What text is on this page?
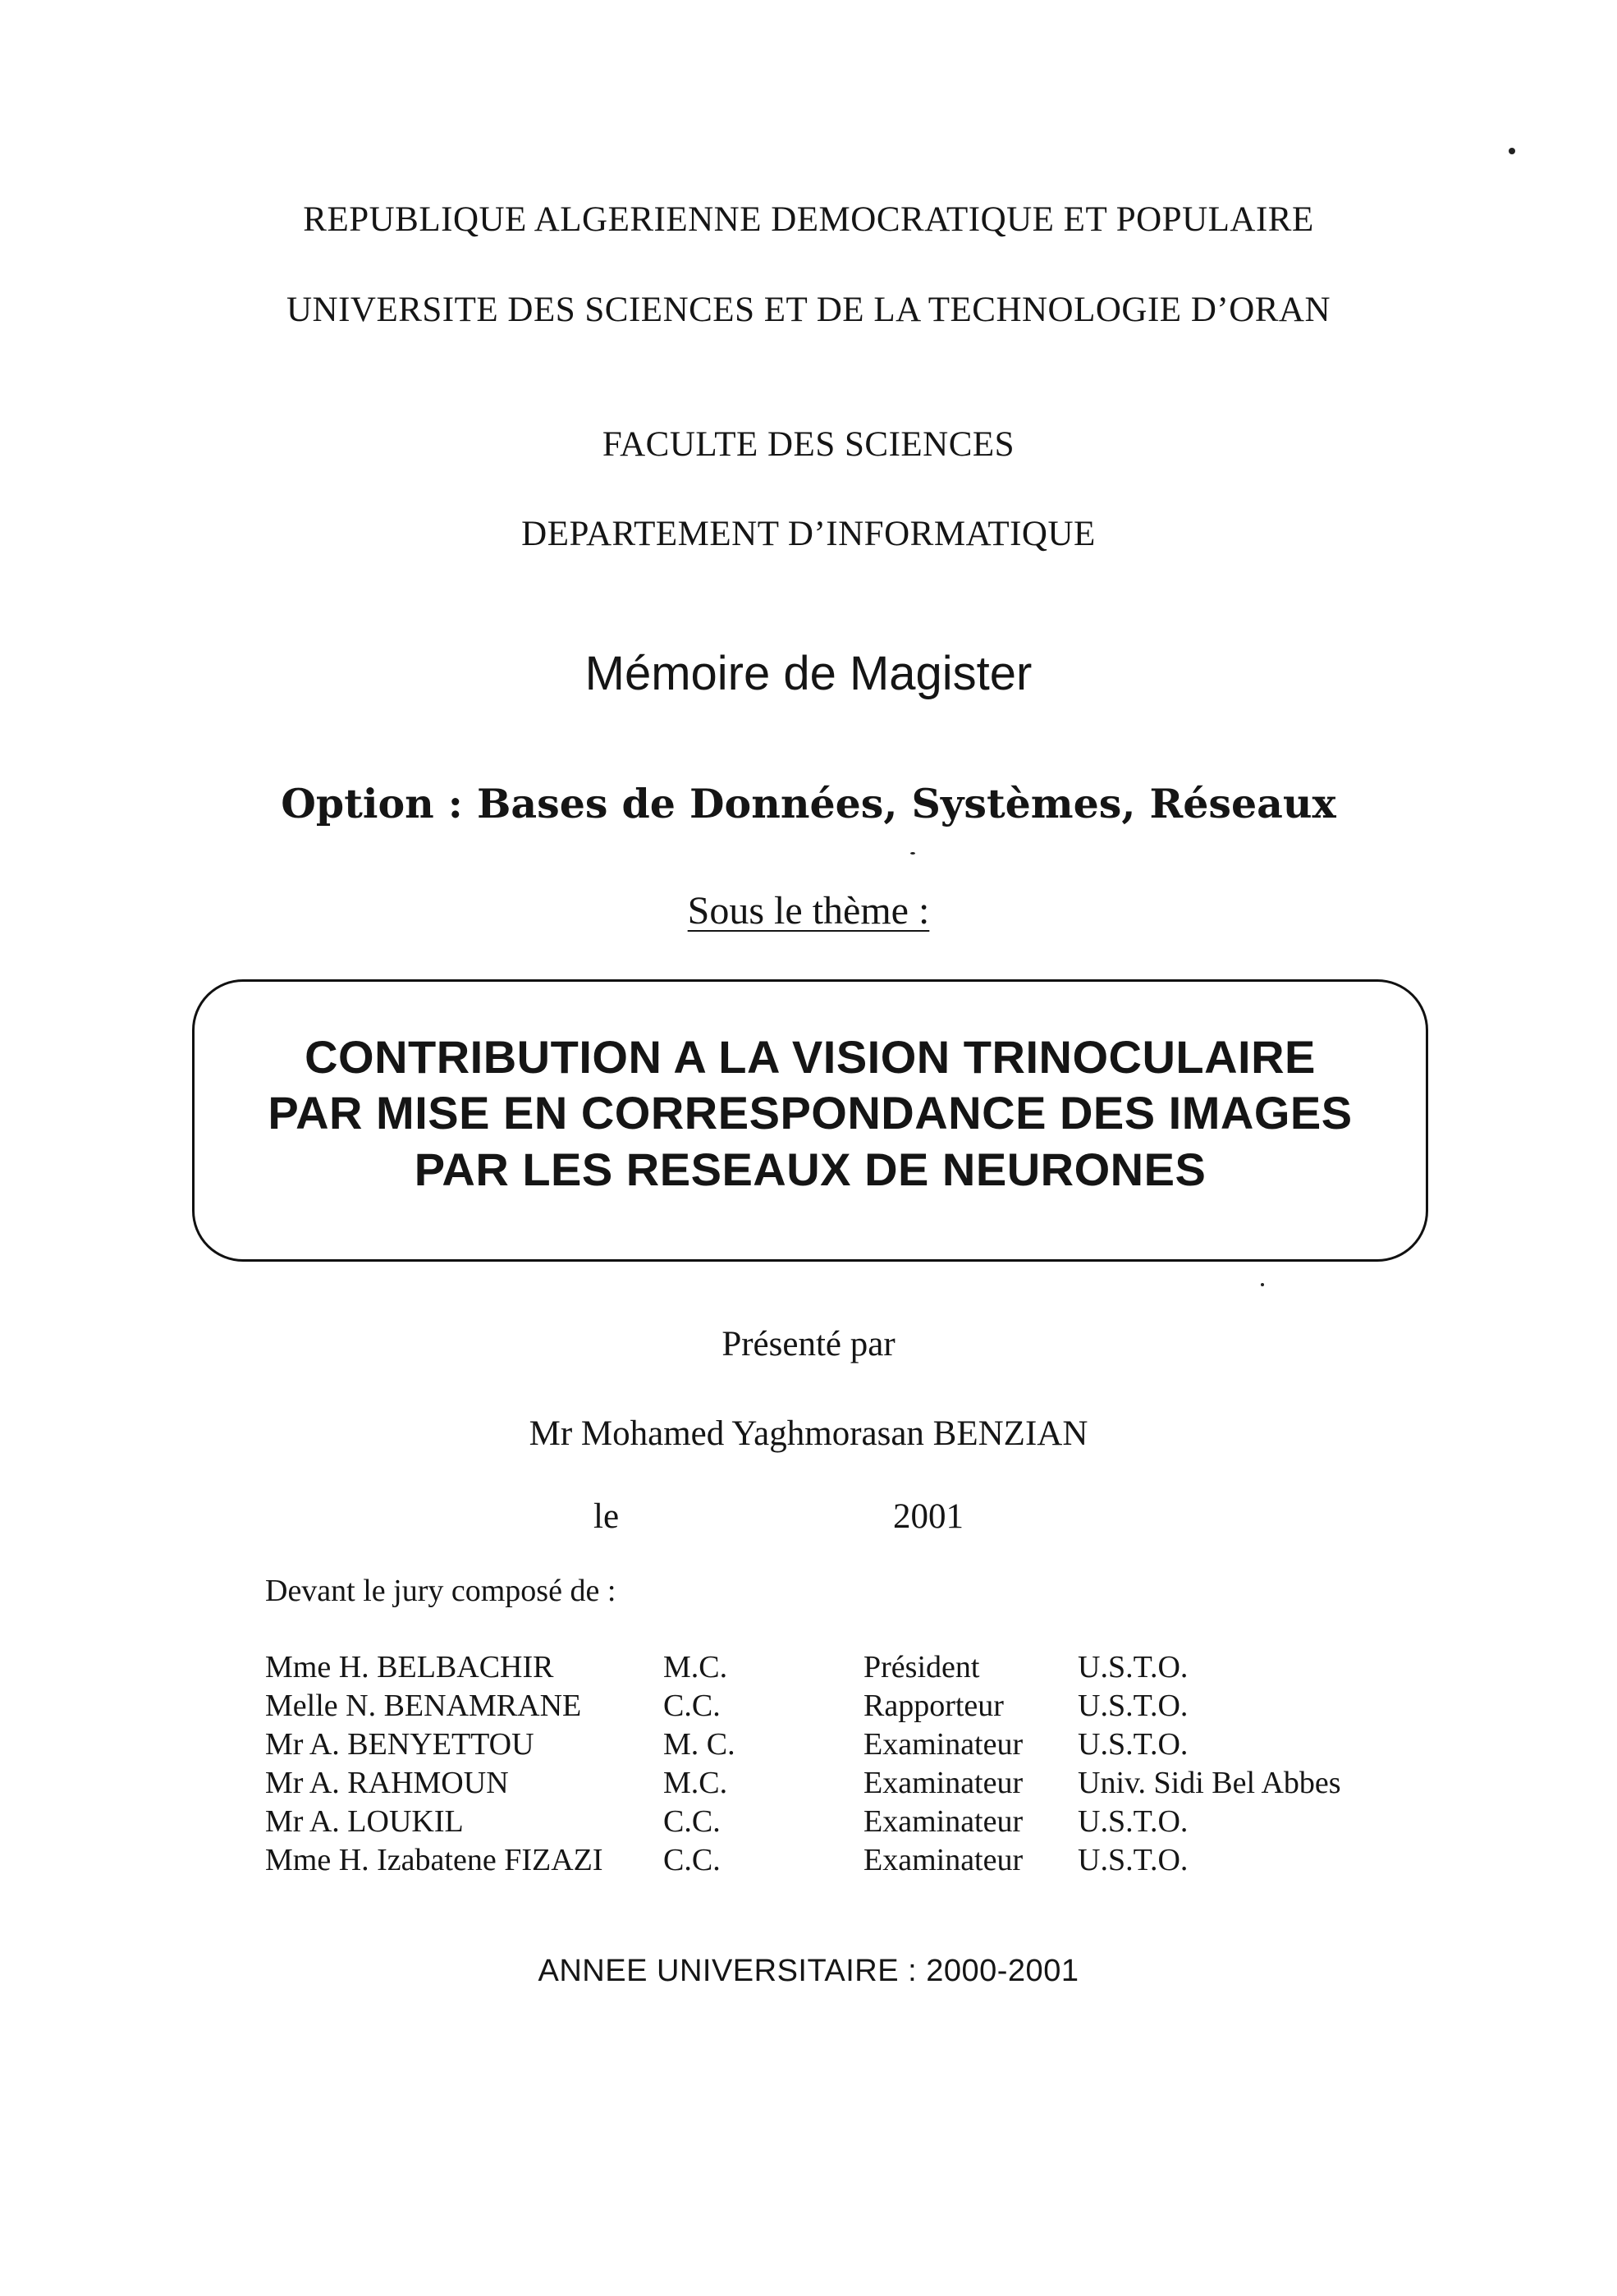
REPUBLIQUE ALGERIENNE DEMOCRATIQUE ET POPULAIRE
UNIVERSITE DES SCIENCES ET DE LA TECHNOLOGIE D’ORAN
FACULTE DES SCIENCES
DEPARTEMENT D’INFORMATIQUE
Mémoire de Magister
Option : Bases de Données, Systèmes, Réseaux
Sous le thème :
CONTRIBUTION A LA VISION TRINOCULAIRE
PAR MISE EN CORRESPONDANCE DES IMAGES
PAR LES RESEAUX DE NEURONES
Présenté par
Mr Mohamed Yaghmorasan BENZIAN
le	2001
Devant le jury composé de :
Mme H. BELBACHIR	M.C.	Président	U.S.T.O.
Melle N. BENAMRANE	C.C.	Rapporteur U.S.T.O.
Mr A. BENYETTOU	M. C.	Examinateur U.S.T.O.
Mr A. RAHMOUN	M.C.	Examinateur Univ. Sidi Bel Abbes
Mr A. LOUKIL	C.C.	Examinateur U.S.T.O.
Mme H. Izabatene FIZAZI C.C.	Examinateur U.S.T.O.
ANNEE UNIVERSITAIRE : 2000-2001
